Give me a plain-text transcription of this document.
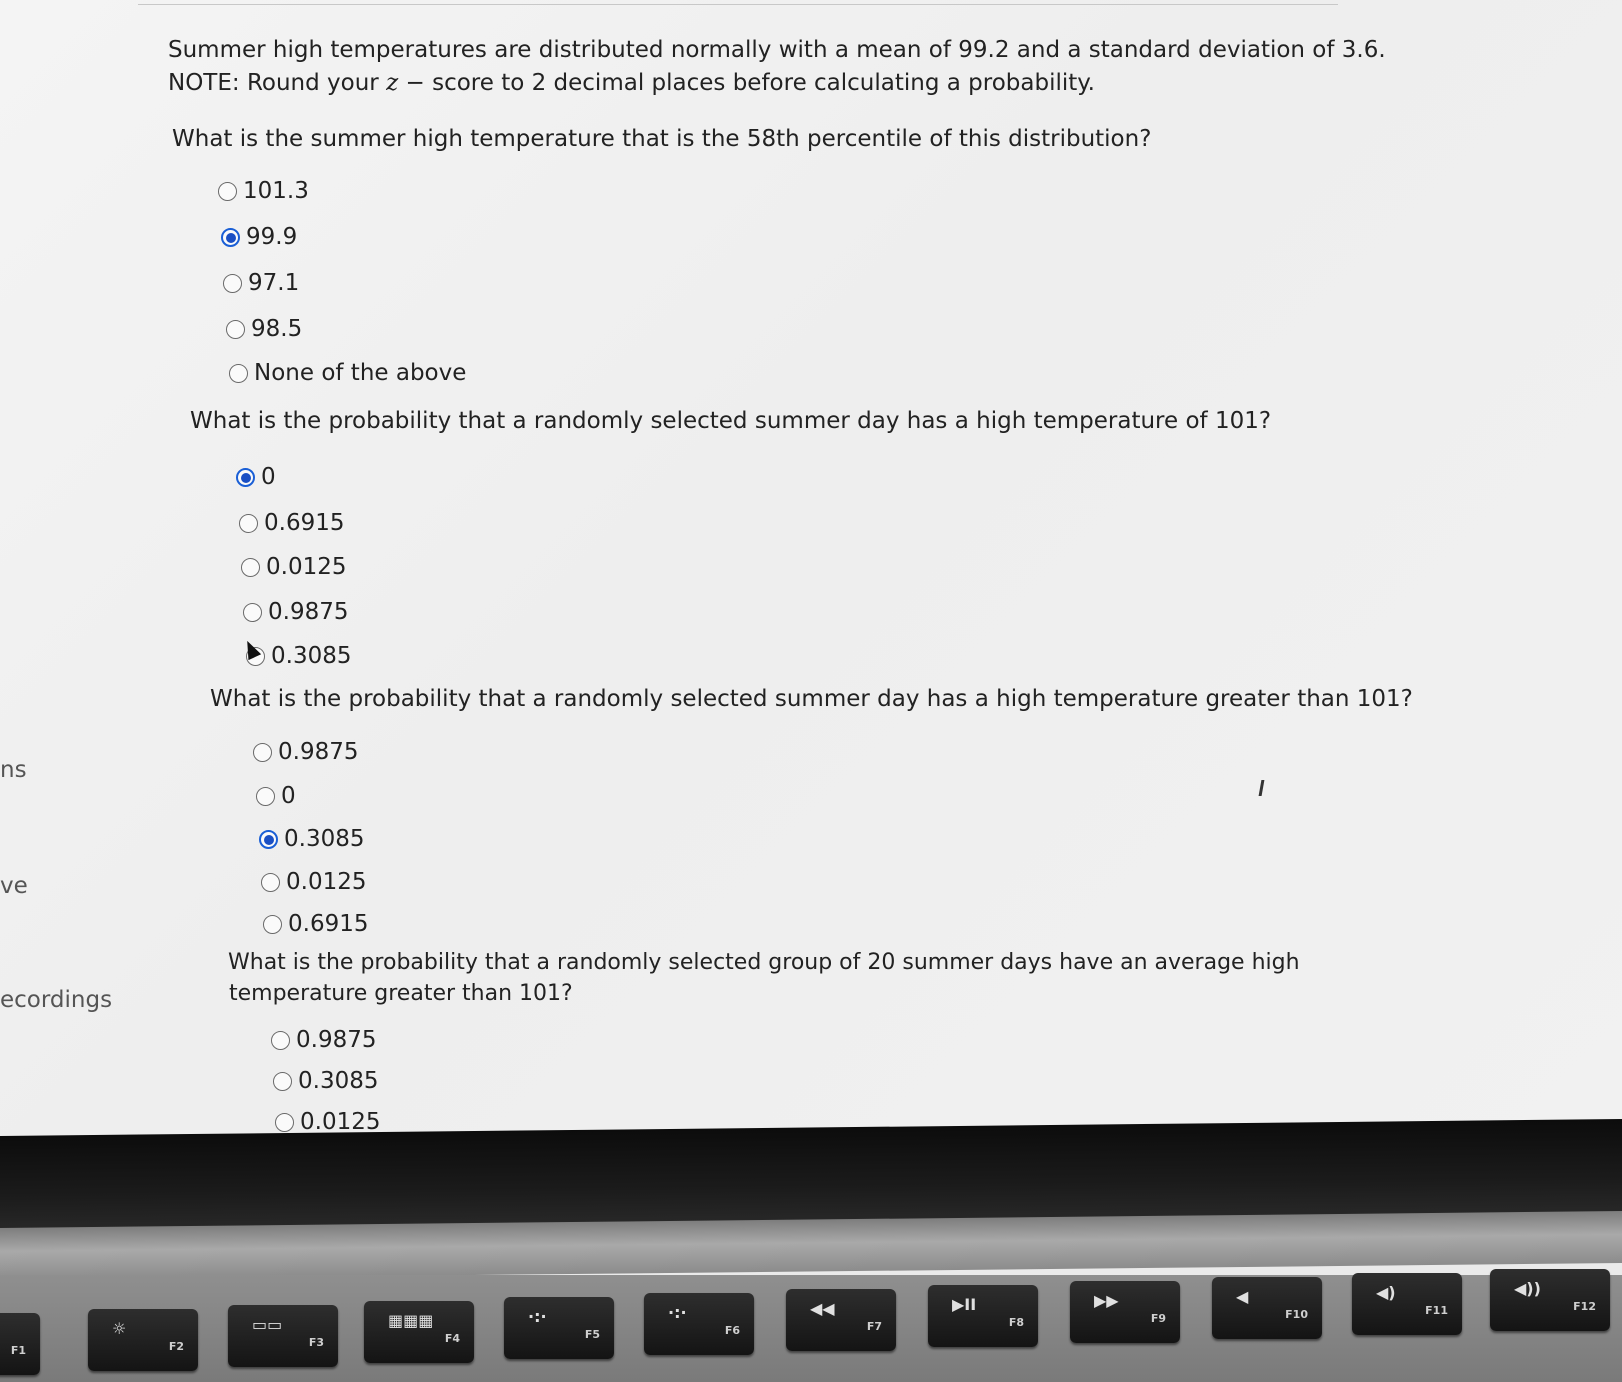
ns
ve
ecordings
Summer high temperatures are distributed normally with a mean of 99.2 and a standard deviation of 3.6.
NOTE: Round your z − score to 2 decimal places before calculating a probability.
What is the summer high temperature that is the 58th percentile of this distribution?
101.3
99.9
97.1
98.5
None of the above
What is the probability that a randomly selected summer day has a high temperature of 101?
0
0.6915
0.0125
0.9875
0.3085
What is the probability that a randomly selected summer day has a high temperature greater than 101?
0.9875
0
0.3085
0.0125
0.6915
What is the probability that a randomly selected group of 20 summer days have an average high
temperature greater than 101?
0.9875
0.3085
0.0125
F1
☼
F2
▭▭
F3
▦▦▦
F4
·:·
F5
·:·
F6
◀◀
F7
▶II
F8
▶▶
F9
◀
F10
◀)
F11
◀))
F12
